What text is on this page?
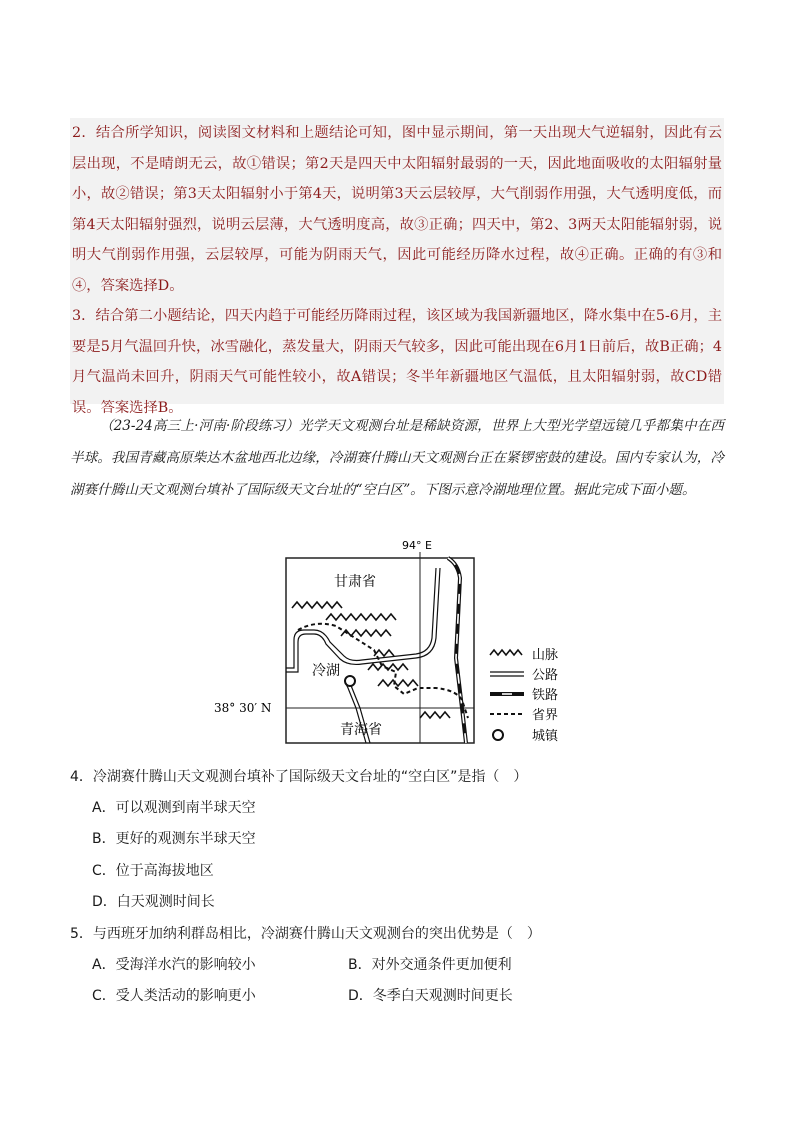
2．结合所学知识，阅读图文材料和上题结论可知，图中显示期间，第一天出现大气逆辐射，因此有云层出现，不是晴朗无云，故①错误；第2天是四天中太阳辐射最弱的一天，因此地面吸收的太阳辐射量小，故②错误；第3天太阳辐射小于第4天，说明第3天云层较厚，大气削弱作用强，大气透明度低，而第4天太阳辐射强烈，说明云层薄，大气透明度高，故③正确；四天中，第2、3两天太阳能辐射弱，说明大气削弱作用强，云层较厚，可能为阴雨天气，因此可能经历降水过程，故④正确。正确的有③和④，答案选择D。

3．结合第二小题结论，四天内趋于可能经历降雨过程，该区域为我国新疆地区，降水集中在5-6月，主要是5月气温回升快，冰雪融化，蒸发量大，阴雨天气较多，因此可能出现在6月1日前后，故B正确；4月气温尚未回升，阴雨天气可能性较小，故A错误；冬半年新疆地区气温低，且太阳辐射弱，故CD错误。答案选择B。

（23-24高三上·河南·阶段练习）光学天文观测台址是稀缺资源，世界上大型光学望远镜几乎都集中在西半球。我国青藏高原柴达木盆地西北边缘，冷湖赛什腾山天文观测台正在紧锣密鼓的建设。国内专家认为，冷湖赛什腾山天文观测台填补了国际级天文台址的“空白区”。下图示意冷湖地理位置。据此完成下面小题。

94° E
38° 30′ N
甘肃省
青海省
冷湖
山脉
公路
铁路
省界
城镇

4．冷湖赛什腾山天文观测台填补了国际级天文台址的“空白区”是指（　）

A．可以观测到南半球天空

B．更好的观测东半球天空

C．位于高海拔地区

D．白天观测时间长

5．与西班牙加纳利群岛相比，冷湖赛什腾山天文观测台的突出优势是（　）

A．受海洋水汽的影响较小	B．对外交通条件更加便利

C．受人类活动的影响更小	D．冬季白天观测时间更长
